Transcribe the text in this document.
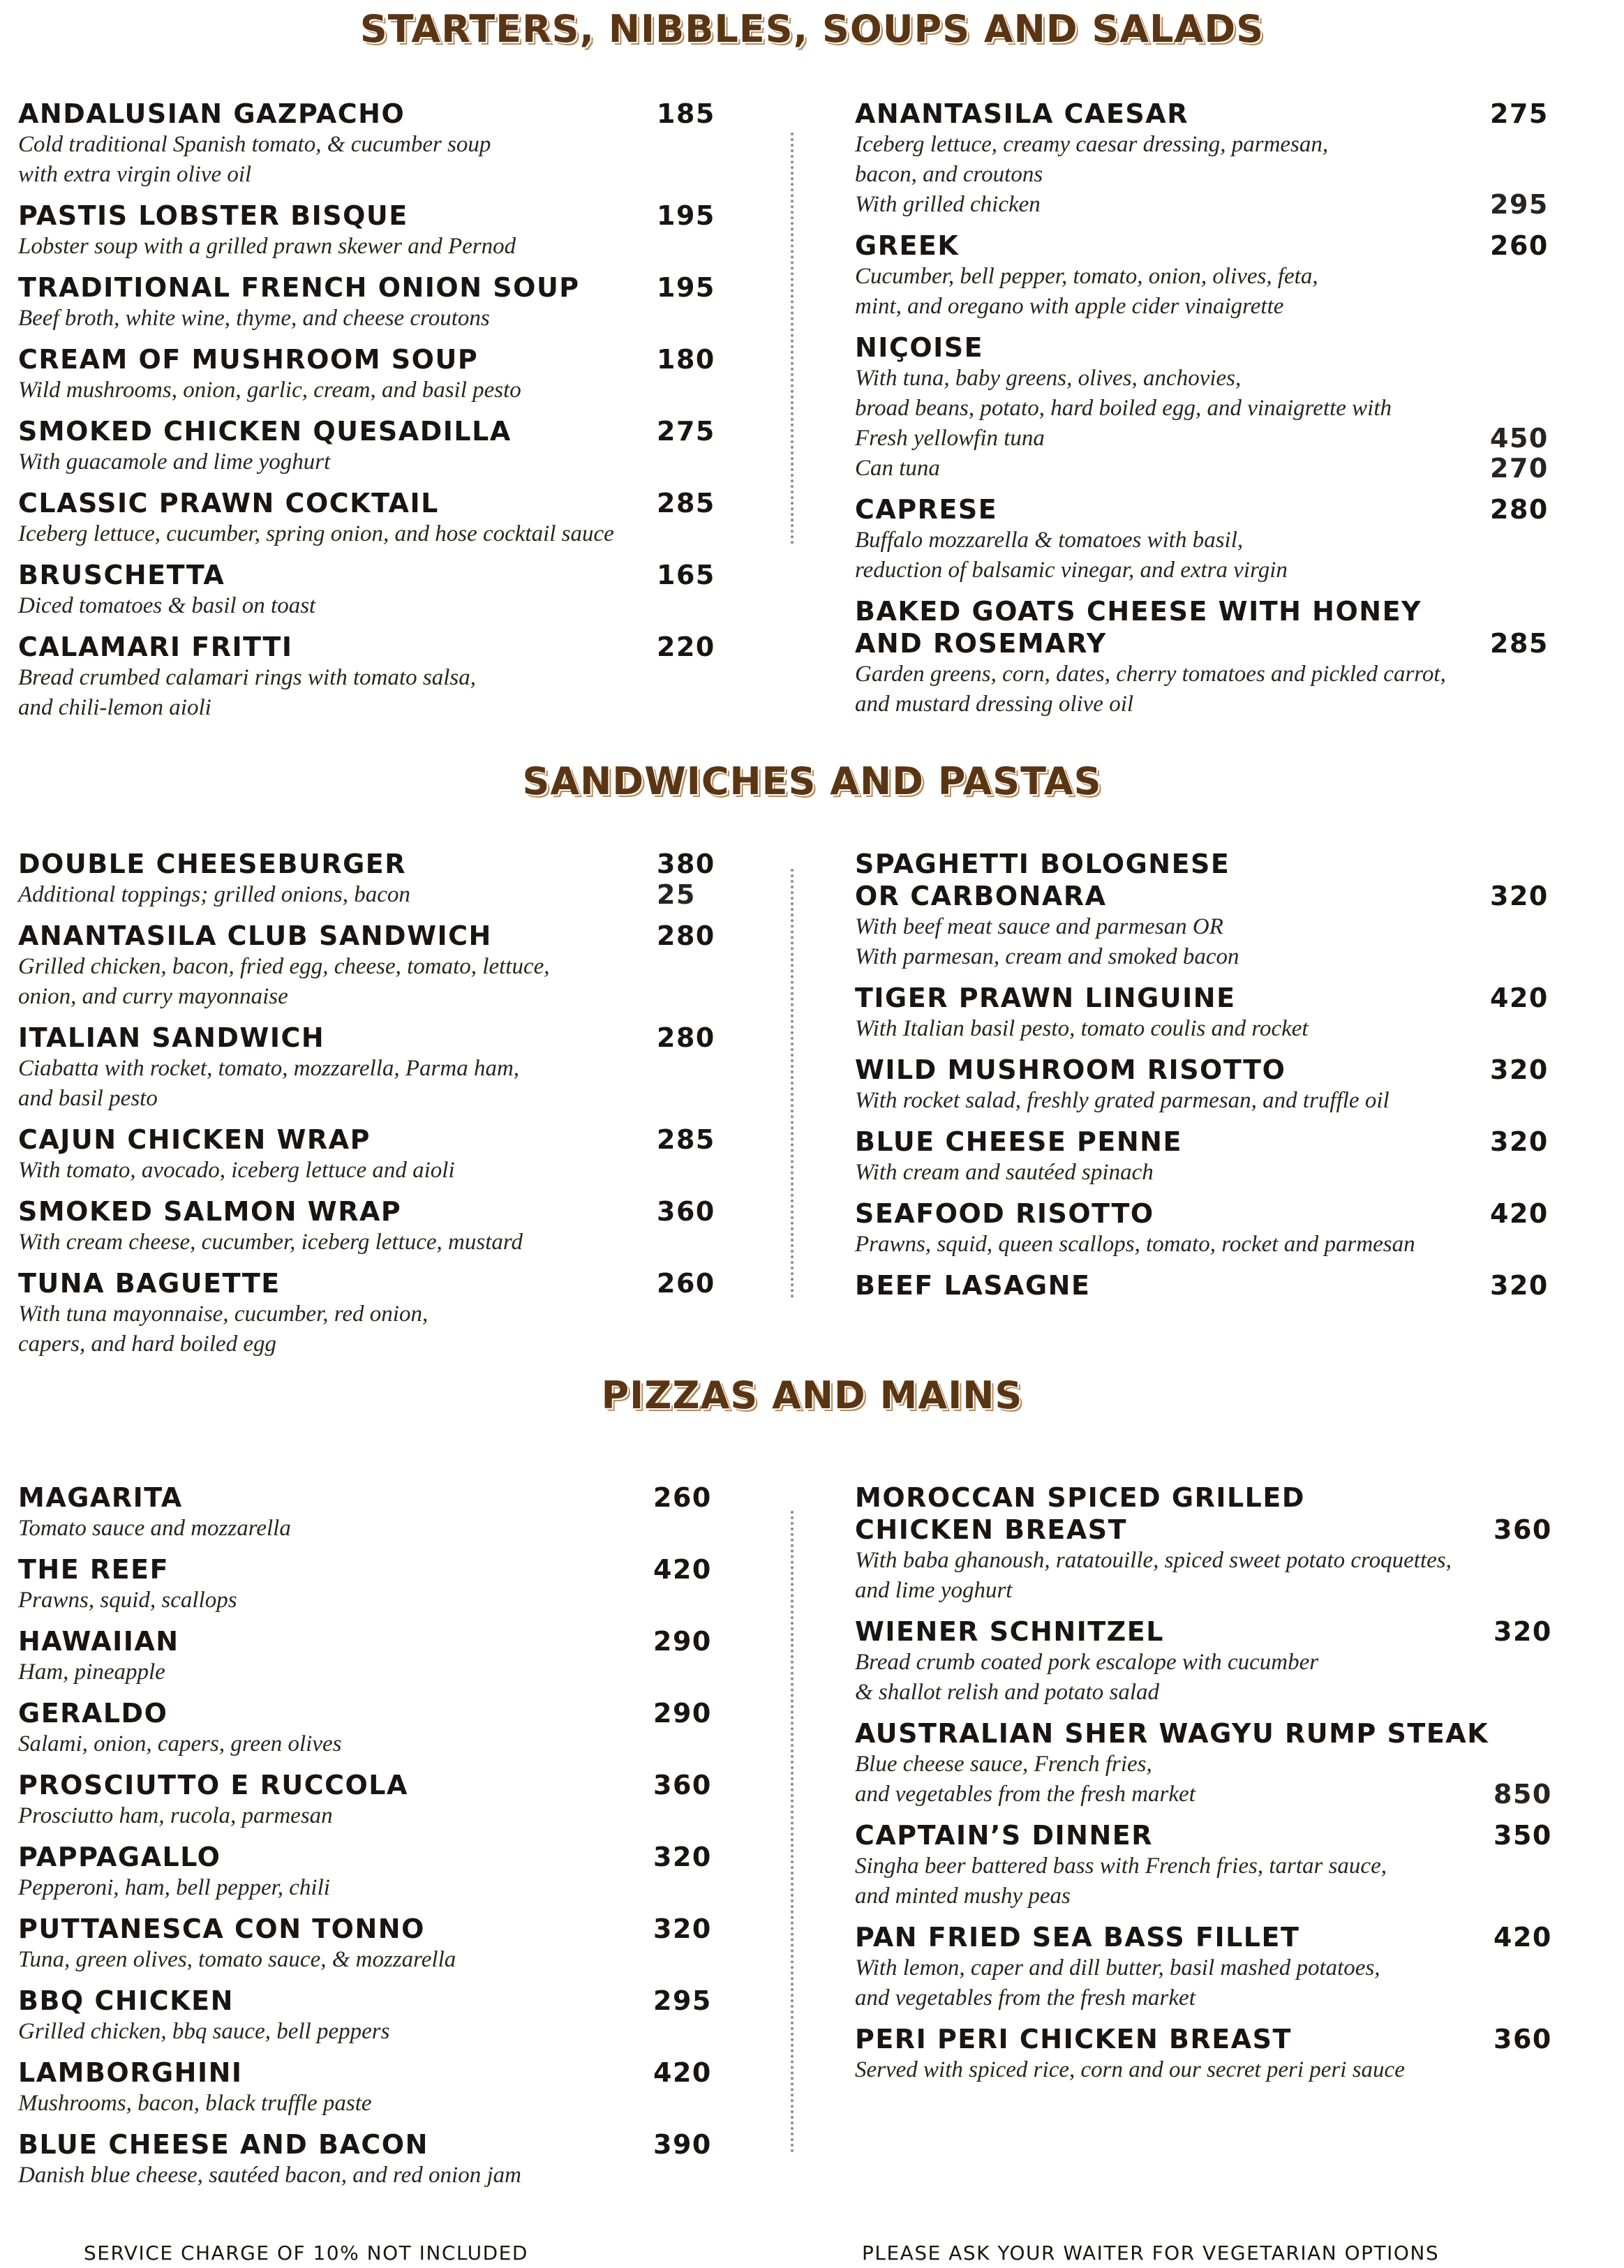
STARTERS, NIBBLES, SOUPS AND SALADS
ANDALUSIAN GAZPACHO	185
Cold traditional Spanish tomato, & cucumber soup
with extra virgin olive oil
PASTIS LOBSTER BISQUE	195
Lobster soup with a grilled prawn skewer and Pernod
TRADITIONAL FRENCH ONION SOUP	195
Beef broth, white wine, thyme, and cheese croutons
CREAM OF MUSHROOM SOUP	180
Wild mushrooms, onion, garlic, cream, and basil pesto
SMOKED CHICKEN QUESADILLA	275
With guacamole and lime yoghurt
CLASSIC PRAWN COCKTAIL	285
Iceberg lettuce, cucumber, spring onion, and hose cocktail sauce
BRUSCHETTA	165
Diced tomatoes & basil on toast
CALAMARI FRITTI	220
Bread crumbed calamari rings with tomato salsa,
and chili-lemon aioli
ANANTASILA CAESAR	275
Iceberg lettuce, creamy caesar dressing, parmesan,
bacon, and croutons
With grilled chicken	295
GREEK	260
Cucumber, bell pepper, tomato, onion, olives, feta,
mint, and oregano with apple cider vinaigrette
NIÇOISE
With tuna, baby greens, olives, anchovies,
broad beans, potato, hard boiled egg, and vinaigrette with
Fresh yellowfin tuna	450
Can tuna	270
CAPRESE	280
Buffalo mozzarella & tomatoes with basil,
reduction of balsamic vinegar, and extra virgin
BAKED GOATS CHEESE WITH HONEY
AND ROSEMARY	285
Garden greens, corn, dates, cherry tomatoes and pickled carrot,
and mustard dressing olive oil
SANDWICHES AND PASTAS
DOUBLE CHEESEBURGER	380
Additional toppings; grilled onions, bacon	25
ANANTASILA CLUB SANDWICH	280
Grilled chicken, bacon, fried egg, cheese, tomato, lettuce,
onion, and curry mayonnaise
ITALIAN SANDWICH	280
Ciabatta with rocket, tomato, mozzarella, Parma ham,
and basil pesto
CAJUN CHICKEN WRAP	285
With tomato, avocado, iceberg lettuce and aioli
SMOKED SALMON WRAP	360
With cream cheese, cucumber, iceberg lettuce, mustard
TUNA BAGUETTE	260
With tuna mayonnaise, cucumber, red onion,
capers, and hard boiled egg
SPAGHETTI BOLOGNESE
OR CARBONARA	320
With beef meat sauce and parmesan OR
With parmesan, cream and smoked bacon
TIGER PRAWN LINGUINE	420
With Italian basil pesto, tomato coulis and rocket
WILD MUSHROOM RISOTTO	320
With rocket salad, freshly grated parmesan, and truffle oil
BLUE CHEESE PENNE	320
With cream and sautéed spinach
SEAFOOD RISOTTO	420
Prawns, squid, queen scallops, tomato, rocket and parmesan
BEEF LASAGNE	320
PIZZAS AND MAINS
MAGARITA	260
Tomato sauce and mozzarella
THE REEF	420
Prawns, squid, scallops
HAWAIIAN	290
Ham, pineapple
GERALDO	290
Salami, onion, capers, green olives
PROSCIUTTO E RUCCOLA	360
Prosciutto ham, rucola, parmesan
PAPPAGALLO	320
Pepperoni, ham, bell pepper, chili
PUTTANESCA CON TONNO	320
Tuna, green olives, tomato sauce, & mozzarella
BBQ CHICKEN	295
Grilled chicken, bbq sauce, bell peppers
LAMBORGHINI	420
Mushrooms, bacon, black truffle paste
BLUE CHEESE AND BACON	390
Danish blue cheese, sautéed bacon, and red onion jam
MOROCCAN SPICED GRILLED
CHICKEN BREAST	360
With baba ghanoush, ratatouille, spiced sweet potato croquettes,
and lime yoghurt
WIENER SCHNITZEL	320
Bread crumb coated pork escalope with cucumber
& shallot relish and potato salad
AUSTRALIAN SHER WAGYU RUMP STEAK
Blue cheese sauce, French fries,
and vegetables from the fresh market	850
CAPTAIN’S DINNER	350
Singha beer battered bass with French fries, tartar sauce,
and minted mushy peas
PAN FRIED SEA BASS FILLET	420
With lemon, caper and dill butter, basil mashed potatoes,
and vegetables from the fresh market
PERI PERI CHICKEN BREAST	360
Served with spiced rice, corn and our secret peri peri sauce
SERVICE CHARGE OF 10% NOT INCLUDED	PLEASE ASK YOUR WAITER FOR VEGETARIAN OPTIONS
